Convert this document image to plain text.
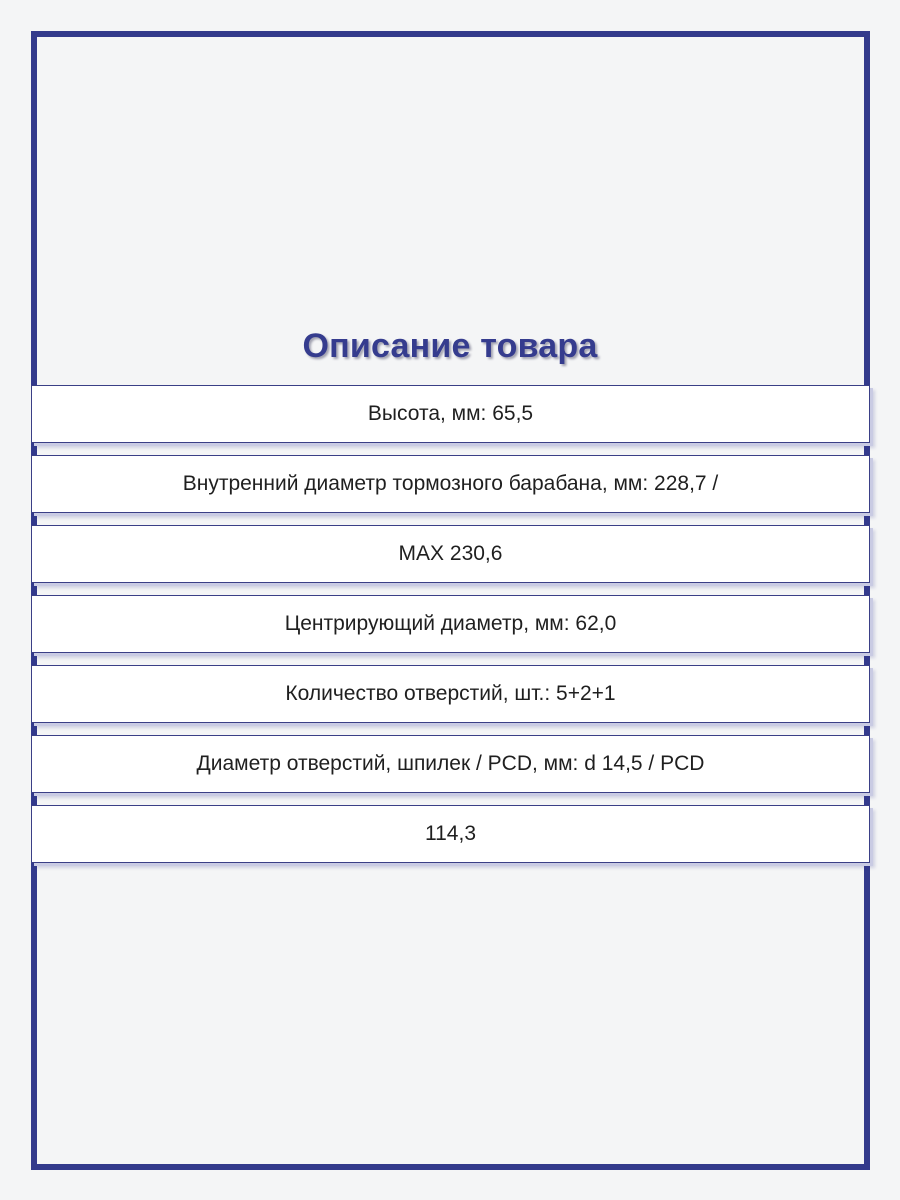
Описание товара
Высота, мм: 65,5
Внутренний диаметр тормозного барабана, мм: 228,7 /
MAX 230,6
Центрирующий диаметр, мм: 62,0
Количество отверстий, шт.: 5+2+1
Диаметр отверстий, шпилек / PCD, мм: d 14,5 / PCD
114,3
